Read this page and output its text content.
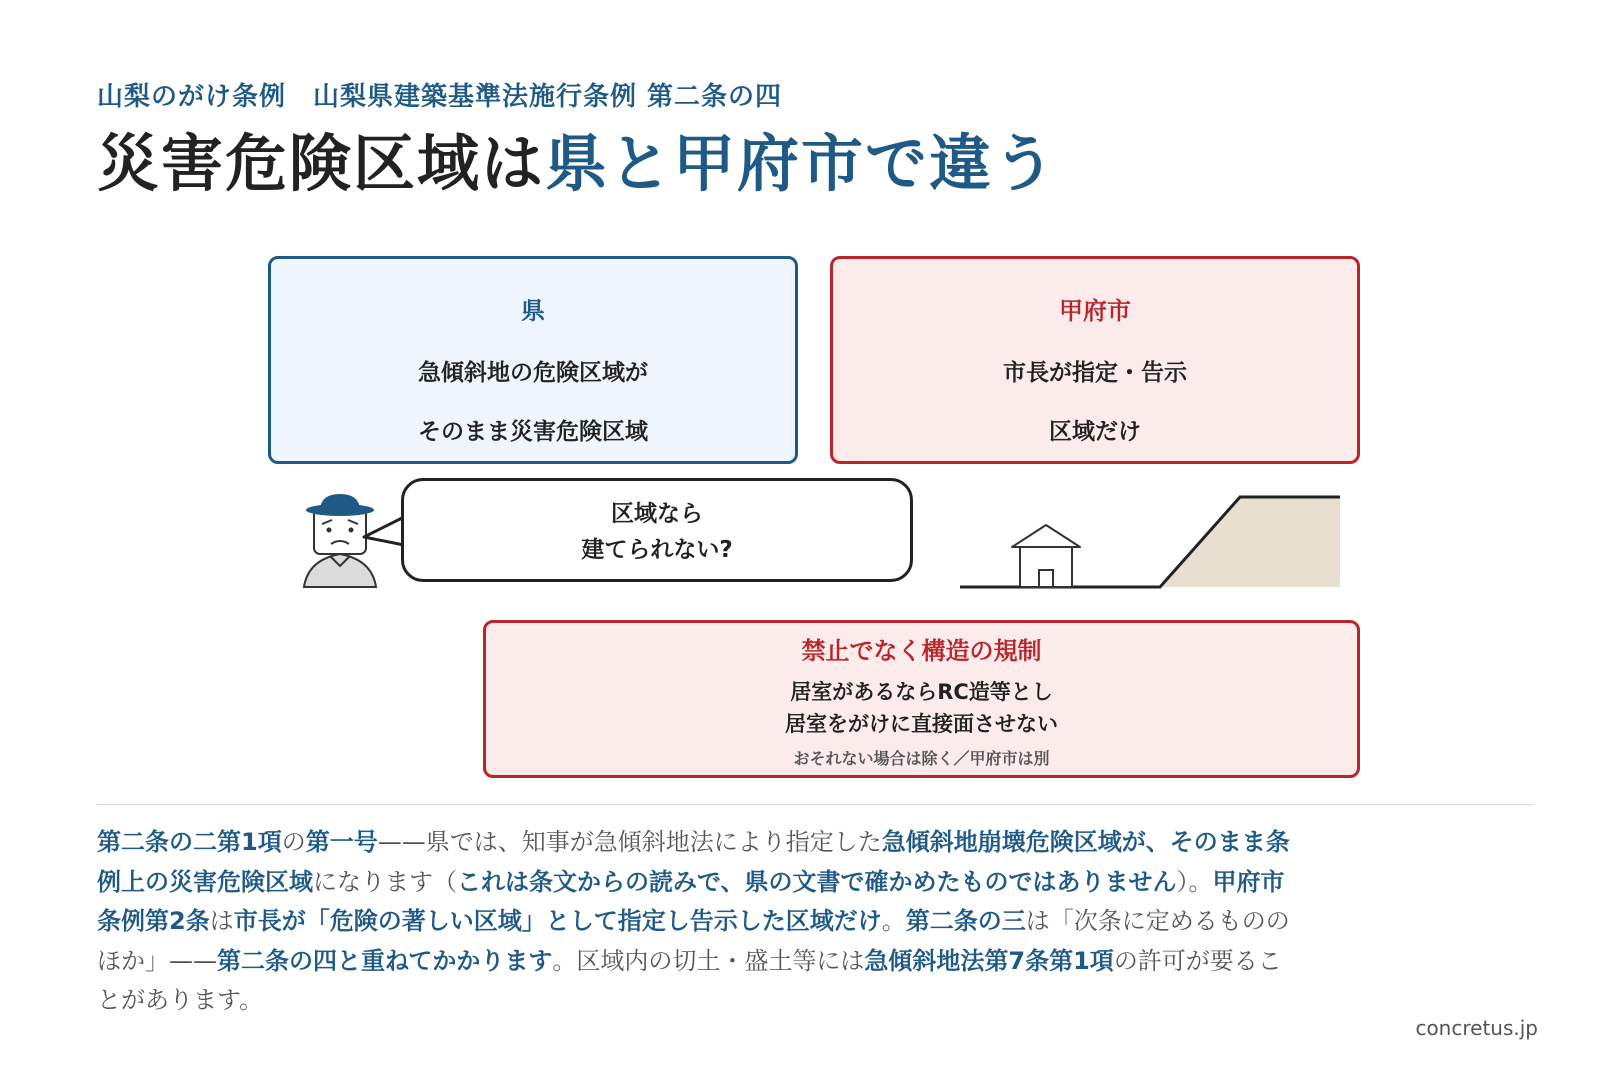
山梨のがけ条例　山梨県建築基準法施行条例 第二条の四
災害危険区域は県と甲府市で違う
県
急傾斜地の危険区域が
そのまま災害危険区域
甲府市
市長が指定・告示
区域だけ
区域なら
建てられない?
禁止でなく構造の規制
居室があるならRC造等とし
居室をがけに直接面させない
おそれない場合は除く／甲府市は別
第二条の二第1項の第一号——県では、知事が急傾斜地法により指定した急傾斜地崩壊危険区域が、そのまま条例上の災害危険区域になります（これは条文からの読みで、県の文書で確かめたものではありません）。甲府市条例第2条は市長が「危険の著しい区域」として指定し告示した区域だけ。第二条の三は「次条に定めるもののほか」——第二条の四と重ねてかかります。区域内の切土・盛土等には急傾斜地法第7条第1項の許可が要ることがあります。
concretus.jp
